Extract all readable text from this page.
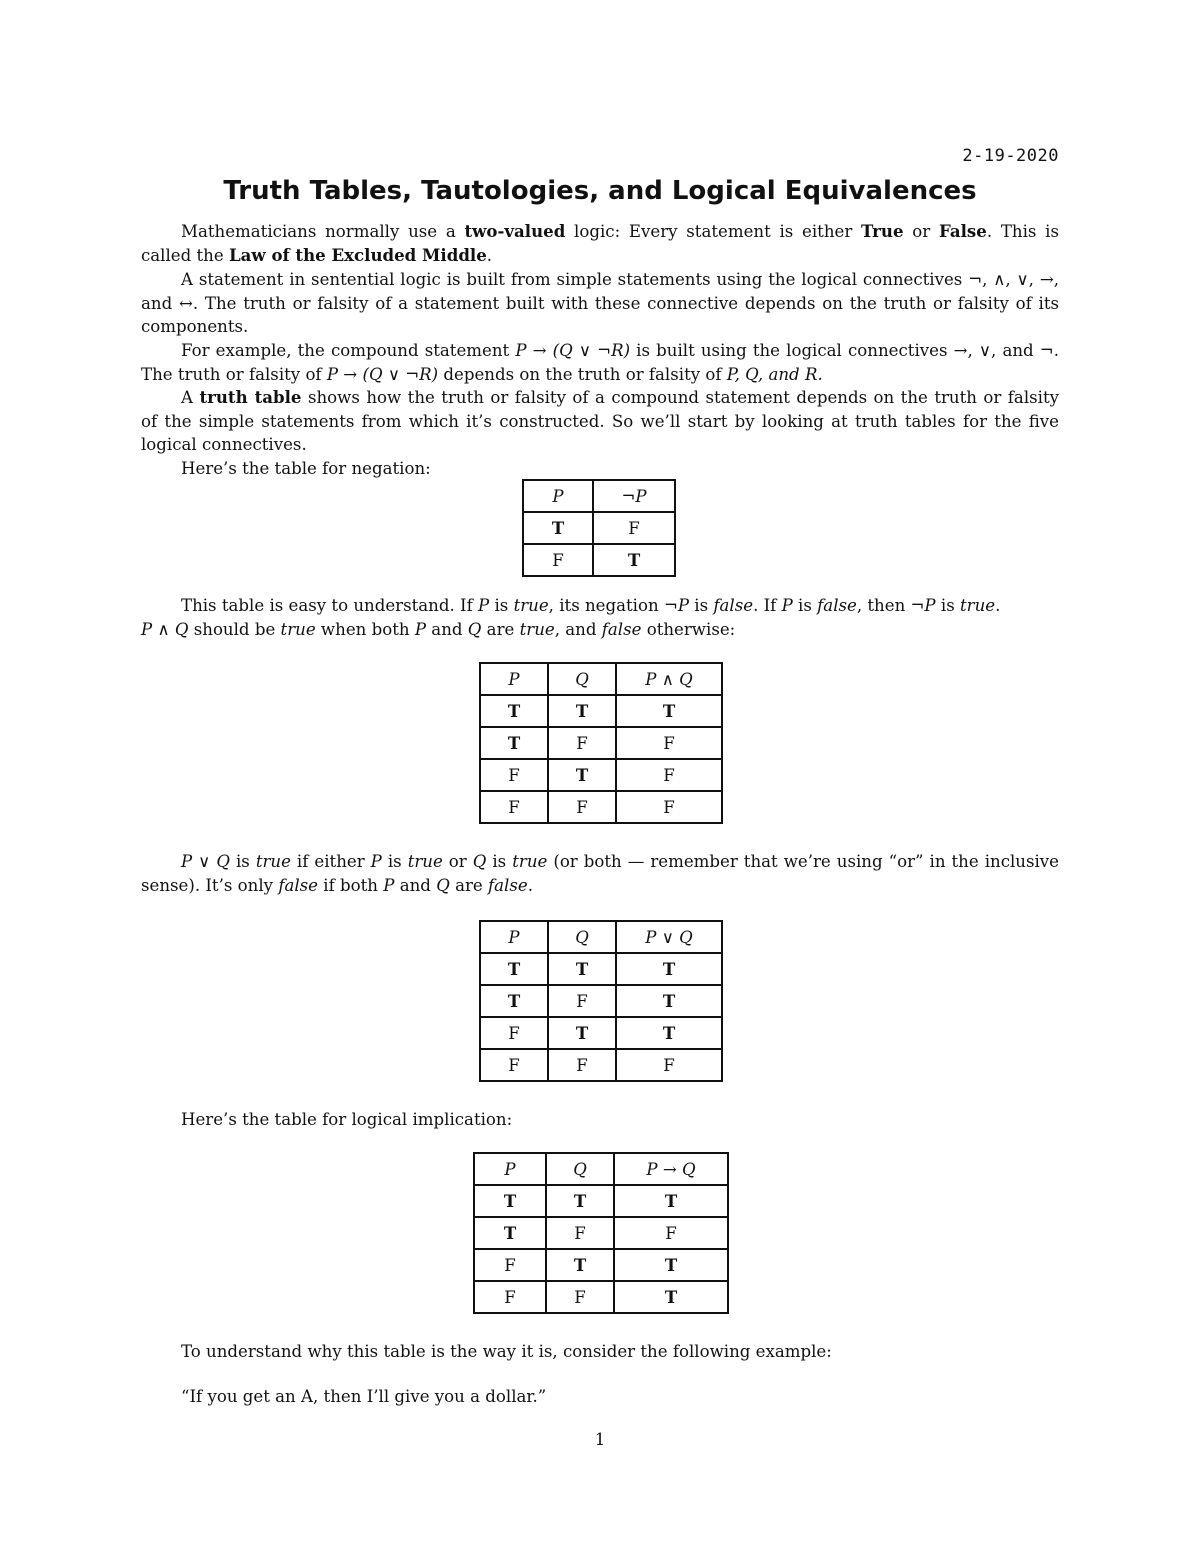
2-19-2020
Truth Tables, Tautologies, and Logical Equivalences

Mathematicians normally use a two-valued logic: Every statement is either True or False. This is called the Law of the Excluded Middle.

A statement in sentential logic is built from simple statements using the logical connectives ¬, ∧, ∨, →, and ↔. The truth or falsity of a statement built with these connective depends on the truth or falsity of its components.

For example, the compound statement P → (Q ∨ ¬R) is built using the logical connectives →, ∨, and ¬. The truth or falsity of P → (Q ∨ ¬R) depends on the truth or falsity of P, Q, and R.

A truth table shows how the truth or falsity of a compound statement depends on the truth or falsity of the simple statements from which it’s constructed. So we’ll start by looking at truth tables for the five logical connectives.

Here’s the table for negation:

P	¬P
T	F
F	T

This table is easy to understand. If P is true, its negation ¬P is false. If P is false, then ¬P is true.
P ∧ Q should be true when both P and Q are true, and false otherwise:

P	Q	P ∧ Q
T	T	T
T	F	F
F	T	F
F	F	F

P ∨ Q is true if either P is true or Q is true (or both — remember that we’re using “or” in the inclusive sense). It’s only false if both P and Q are false.

P	Q	P ∨ Q
T	T	T
T	F	T
F	T	T
F	F	F

Here’s the table for logical implication:

P	Q	P → Q
T	T	T
T	F	F
F	T	T
F	F	T

To understand why this table is the way it is, consider the following example:

“If you get an A, then I’ll give you a dollar.”

1
